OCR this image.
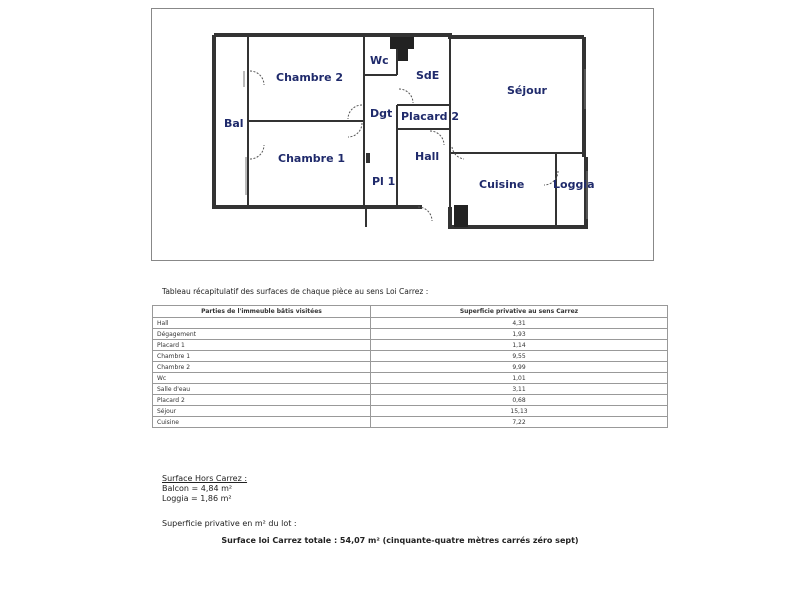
Bal
Chambre 2
Chambre 1
Wc
SdE
Dgt Placard 2
Hall
Pl 1
Séjour
Cuisine	Loggia
Tableau récapitulatif des surfaces de chaque pièce au sens Loi Carrez :
Parties de l'immeuble bâtis visitées	Superficie privative au sens Carrez
Hall	4,31
Dégagement	1,93
Placard 1	1,14
Chambre 1	9,55
Chambre 2	9,99
Wc	1,01
Salle d'eau	3,11
Placard 2	0,68
Séjour	15,13
Cuisine	7,22
Surface Hors Carrez :
Balcon = 4,84 m²
Loggia = 1,86 m²
Superficie privative en m² du lot :
Surface loi Carrez totale : 54,07 m² (cinquante-quatre mètres carrés zéro sept)
